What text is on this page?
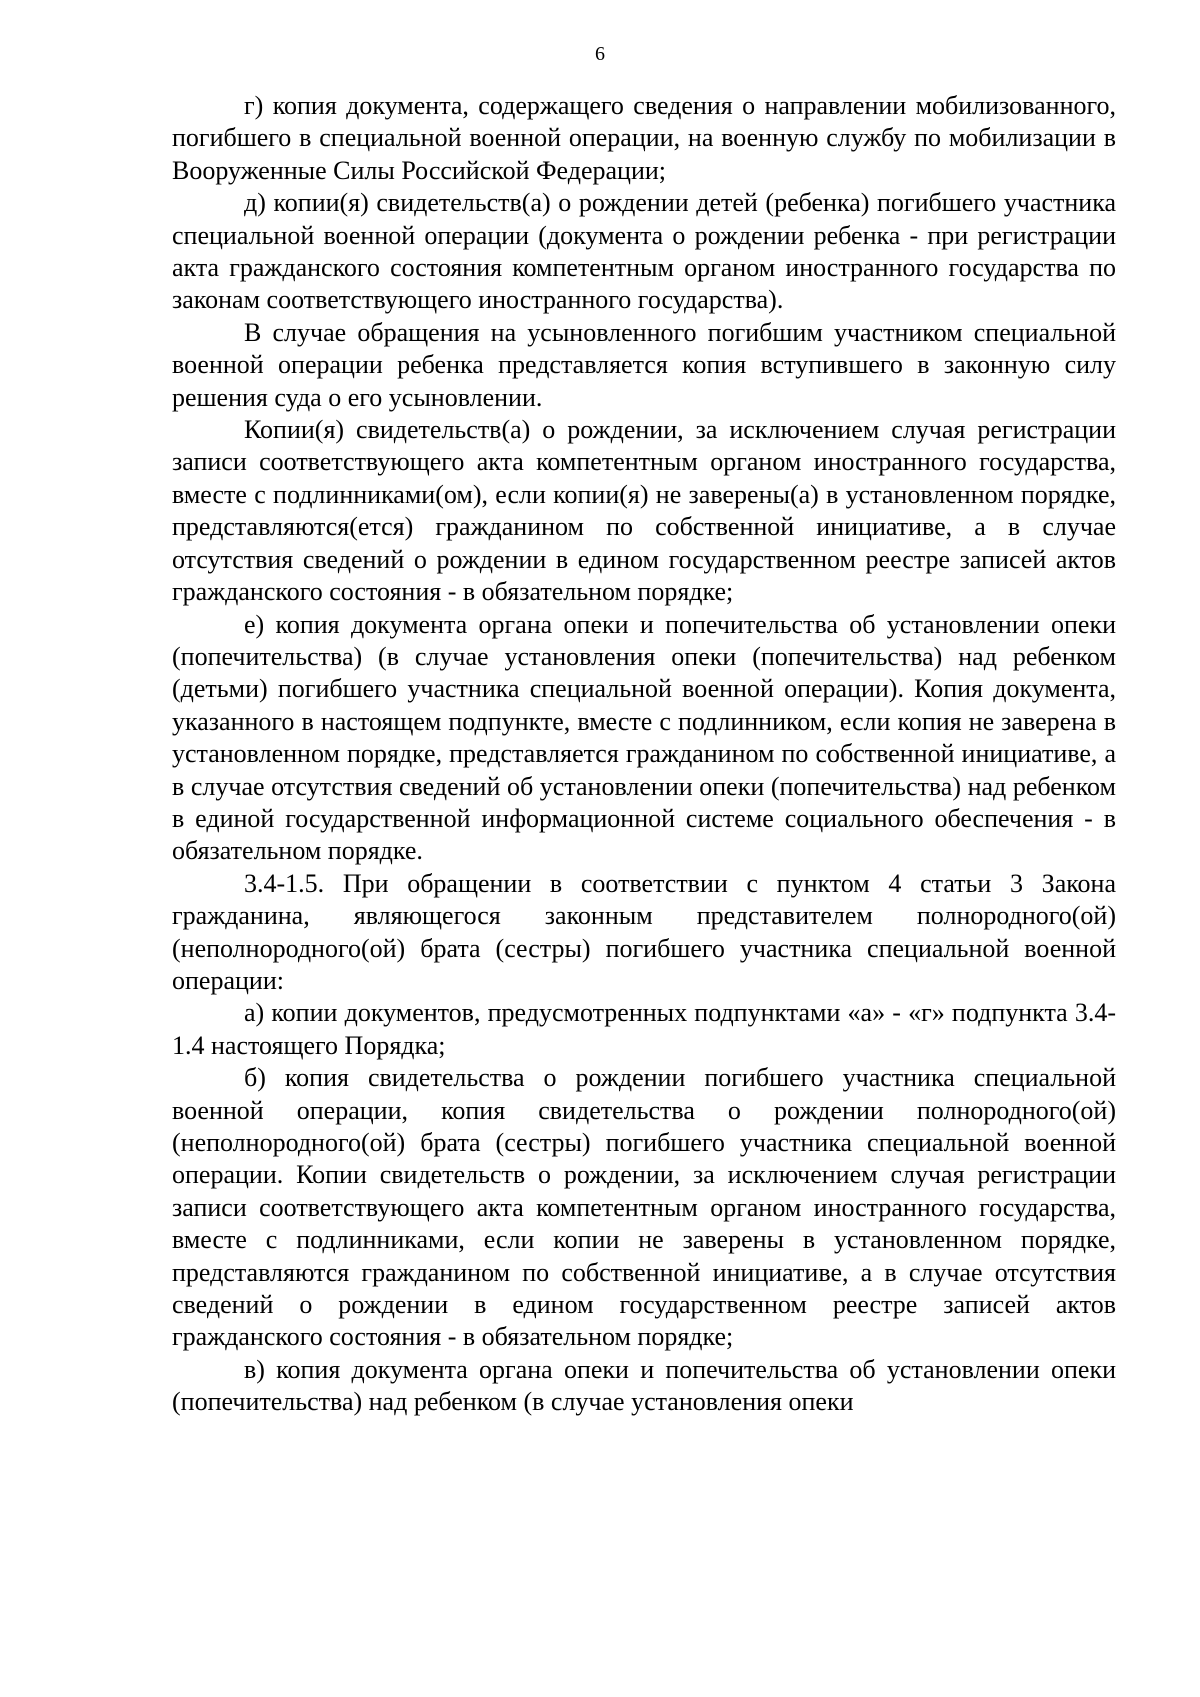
6

г) копия документа, содержащего сведения о направлении мобилизованного, погибшего в специальной военной операции, на военную службу по мобилизации в Вооруженные Силы Российской Федерации;

д) копии(я) свидетельств(а) о рождении детей (ребенка) погибшего участника специальной военной операции (документа о рождении ребенка - при регистрации акта гражданского состояния компетентным органом иностранного государства по законам соответствующего иностранного государства).

В случае обращения на усыновленного погибшим участником специальной военной операции ребенка представляется копия вступившего в законную силу решения суда о его усыновлении.

Копии(я) свидетельств(а) о рождении, за исключением случая регистрации записи соответствующего акта компетентным органом иностранного государства, вместе с подлинниками(ом), если копии(я) не заверены(а) в установленном порядке, представляются(ется) гражданином по собственной инициативе, а в случае отсутствия сведений о рождении в едином государственном реестре записей актов гражданского состояния - в обязательном порядке;

е) копия документа органа опеки и попечительства об установлении опеки (попечительства) (в случае установления опеки (попечительства) над ребенком (детьми) погибшего участника специальной военной операции). Копия документа, указанного в настоящем подпункте, вместе с подлинником, если копия не заверена в установленном порядке, представляется гражданином по собственной инициативе, а в случае отсутствия сведений об установлении опеки (попечительства) над ребенком в единой государственной информационной системе социального обеспечения - в обязательном порядке.

3.4-1.5. При обращении в соответствии с пунктом 4 статьи 3 Закона гражданина, являющегося законным представителем полнородного(ой) (неполнородного(ой) брата (сестры) погибшего участника специальной военной операции:

а) копии документов, предусмотренных подпунктами «а» - «г» подпункта 3.4-1.4 настоящего Порядка;

б) копия свидетельства о рождении погибшего участника специальной военной операции, копия свидетельства о рождении полнородного(ой) (неполнородного(ой) брата (сестры) погибшего участника специальной военной операции. Копии свидетельств о рождении, за исключением случая регистрации записи соответствующего акта компетентным органом иностранного государства, вместе с подлинниками, если копии не заверены в установленном порядке, представляются гражданином по собственной инициативе, а в случае отсутствия сведений о рождении в едином государственном реестре записей актов гражданского состояния - в обязательном порядке;

в) копия документа органа опеки и попечительства об установлении опеки (попечительства) над ребенком (в случае установления опеки
